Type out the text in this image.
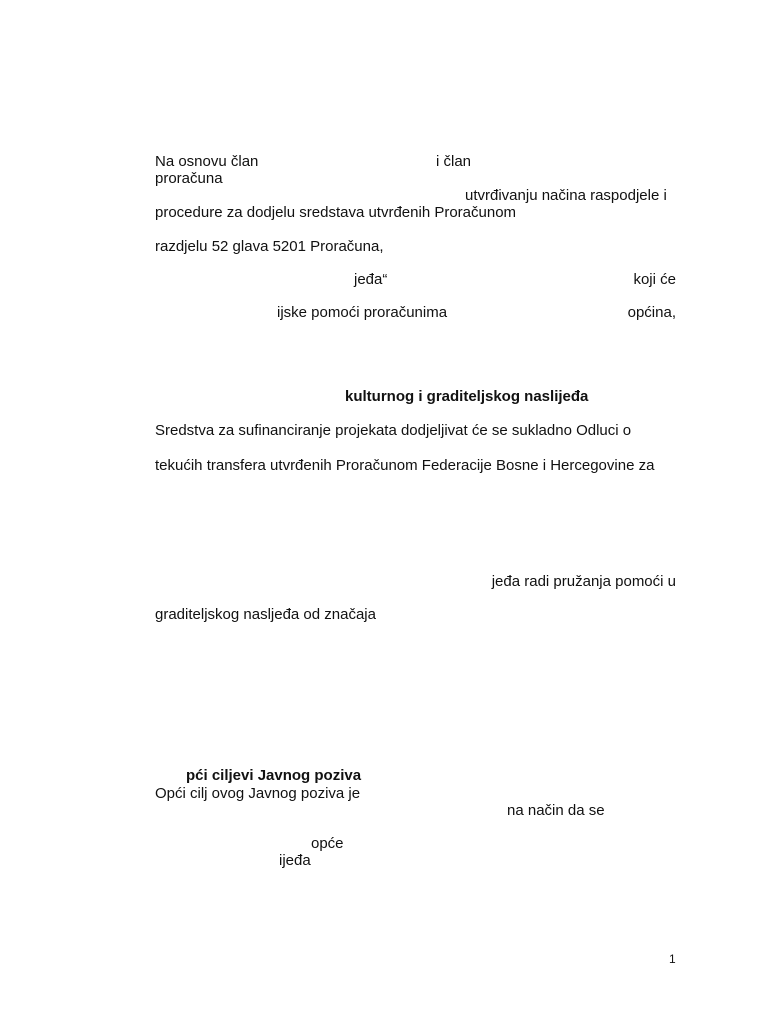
Na osnovu član	i član
proračuna
utvrđivanju načina raspodjele i
procedure za dodjelu sredstava utvrđenih Proračunom
razdjelu 52 glava 5201 Proračuna,
jeđa“	koji će
ijske pomoći proračunima	općina,
kulturnog i graditeljskog naslijeđa
Sredstva za sufinanciranje projekata dodjeljivat će se sukladno Odluci o
tekućih transfera utvrđenih Proračunom Federacije Bosne i Hercegovine za
jeđa radi pružanja pomoći u
graditeljskog nasljeđa od značaja
pći ciljevi Javnog poziva
Opći cilj ovog Javnog poziva je
na način da se
opće
ijeđa
1
